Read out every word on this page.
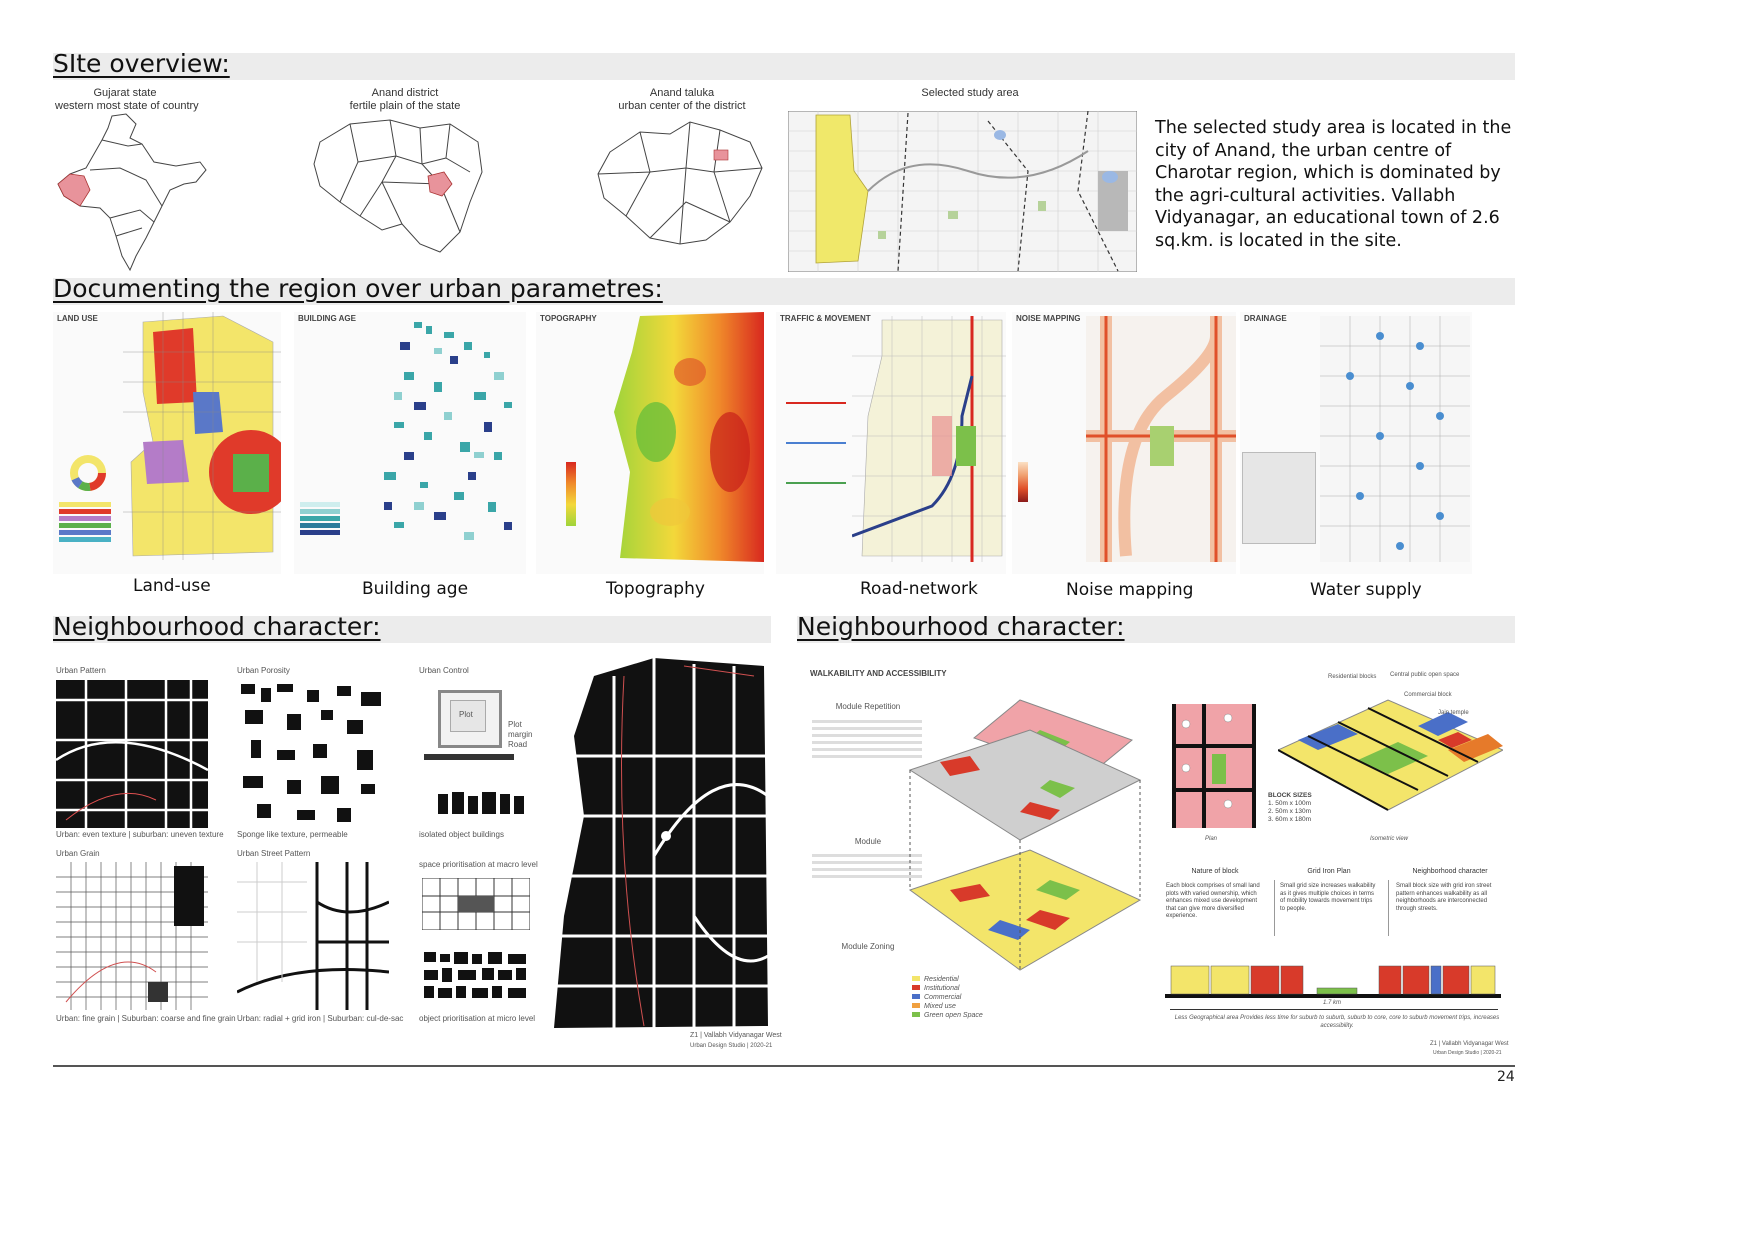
SIte overview:
Gujarat state
western most state of country
Anand district
fertile plain of the state
Anand taluka
urban center of the district
Selected study area
The selected study area is located in the city of Anand, the urban centre of Charotar region, which is dominated by the agri-cultural activities. Vallabh Vidyanagar, an educational town of 2.6 sq.km. is located in the site.
Documenting the region over urban parametres:
LAND USE
Land-use
BUILDING AGE
Building age
TOPOGRAPHY
Topography
TRAFFIC & MOVEMENT
Road-network
NOISE MAPPING
Noise mapping
DRAINAGE
Water supply
Neighbourhood character:
Urban Pattern	Urban Porosity	Urban Control
Urban Grain	Urban Street Pattern
Plot
Plot margin
Road
Urban: even texture | suburban: uneven texture Sponge like texture, permeable	isolated object buildings
Urban: fine grain | Suburban: coarse and fine grain Urban: radial + grid iron | Suburban: cul-de-sac
space prioritisation at macro level
object prioritisation at micro level
Z1 | Vallabh Vidyanagar West
Urban Design Studio | 2020-21
Neighbourhood character:
WALKABILITY AND ACCESSIBILITY
Module Repetition
Module
Module Zoning
Residential
Institutional
Commercial
Mixed use
Green open Space
Plan
Residential blocks Central public open space
Commercial block
Jain temple
Isometric view
BLOCK SIZES
1. 50m x 100m
2. 50m x 130m
3. 60m x 180m
Nature of block
Each block comprises of small land plots with varied ownership, which enhances mixed use development that can give more diversified experience.
Grid Iron Plan
Small grid size increases walkability as it gives multiple choices in terms of mobility towards movement trips to people.
Neighborhood character
Small block size with grid iron street pattern enhances walkability as all neighborhoods are interconnected through streets.
1.7 km
Less Geographical area Provides less time for suburb to suburb, suburb to core, core to suburb movement trips, increases accessibility.
Z1 | Vallabh Vidyanagar West
Urban Design Studio | 2020-21
24
